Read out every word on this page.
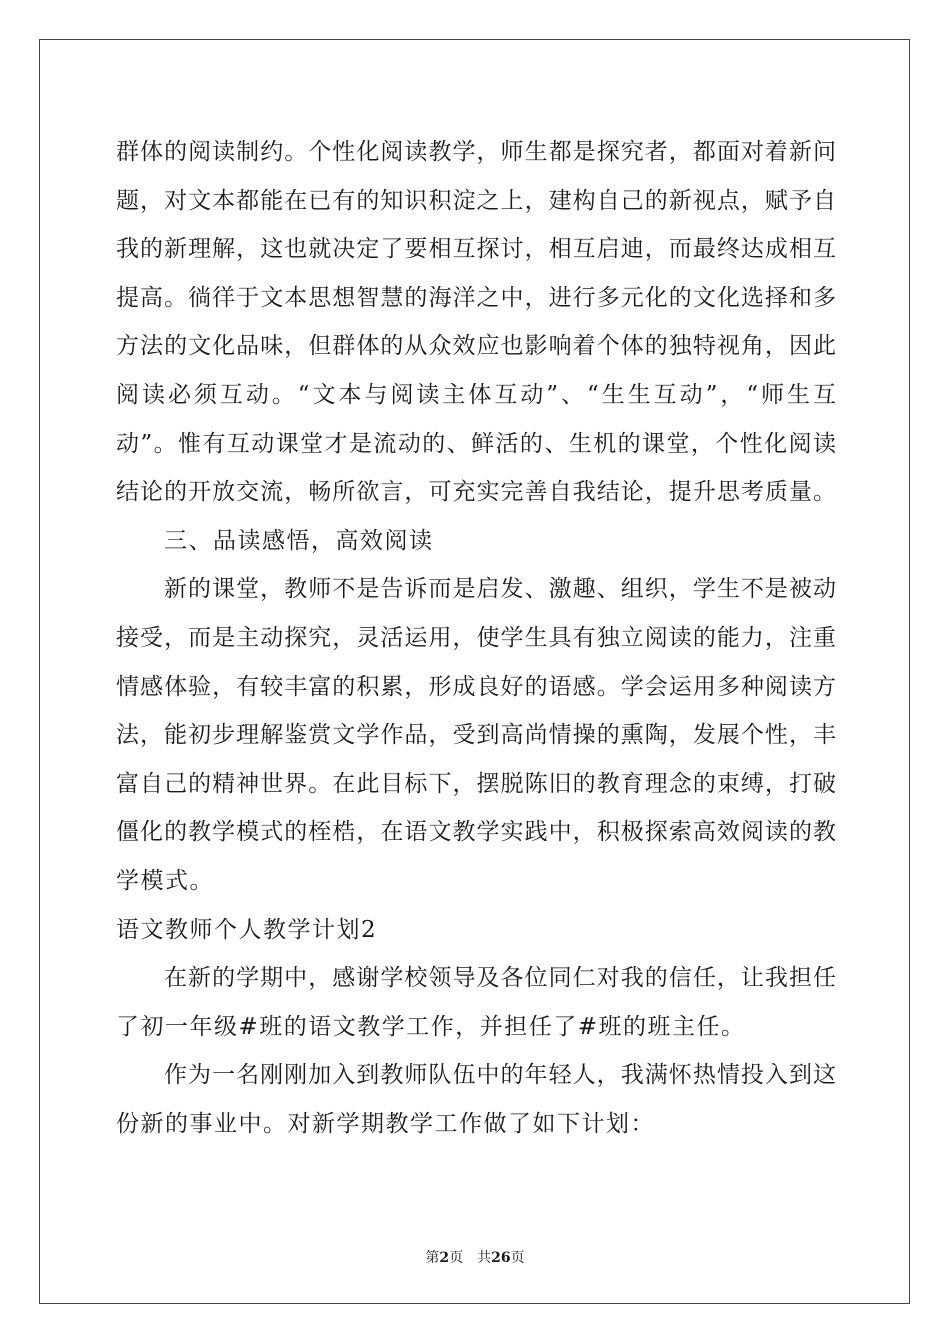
群体的阅读制约。个性化阅读教学，师生都是探究者，都面对着新问
题，对文本都能在已有的知识积淀之上，建构自己的新视点，赋予自
我的新理解，这也就决定了要相互探讨，相互启迪，而最终达成相互
提高。徜徉于文本思想智慧的海洋之中，进行多元化的文化选择和多
方法的文化品味，但群体的从众效应也影响着个体的独特视角，因此
阅读必须互动。“文本与阅读主体互动”、“生生互动”，“师生互
动”。惟有互动课堂才是流动的、鲜活的、生机的课堂，个性化阅读
结论的开放交流，畅所欲言，可充实完善自我结论，提升思考质量。
三、品读感悟，高效阅读
新的课堂，教师不是告诉而是启发、激趣、组织，学生不是被动
接受，而是主动探究，灵活运用，使学生具有独立阅读的能力，注重
情感体验，有较丰富的积累，形成良好的语感。学会运用多种阅读方
法，能初步理解鉴赏文学作品，受到高尚情操的熏陶，发展个性，丰
富自己的精神世界。在此目标下，摆脱陈旧的教育理念的束缚，打破
僵化的教学模式的桎梏，在语文教学实践中，积极探索高效阅读的教
学模式。
语文教师个人教学计划2
在新的学期中，感谢学校领导及各位同仁对我的信任，让我担任
了初一年级#班的语文教学工作，并担任了#班的班主任。
作为一名刚刚加入到教师队伍中的年轻人，我满怀热情投入到这
份新的事业中。对新学期教学工作做了如下计划：
第2页 共26页
